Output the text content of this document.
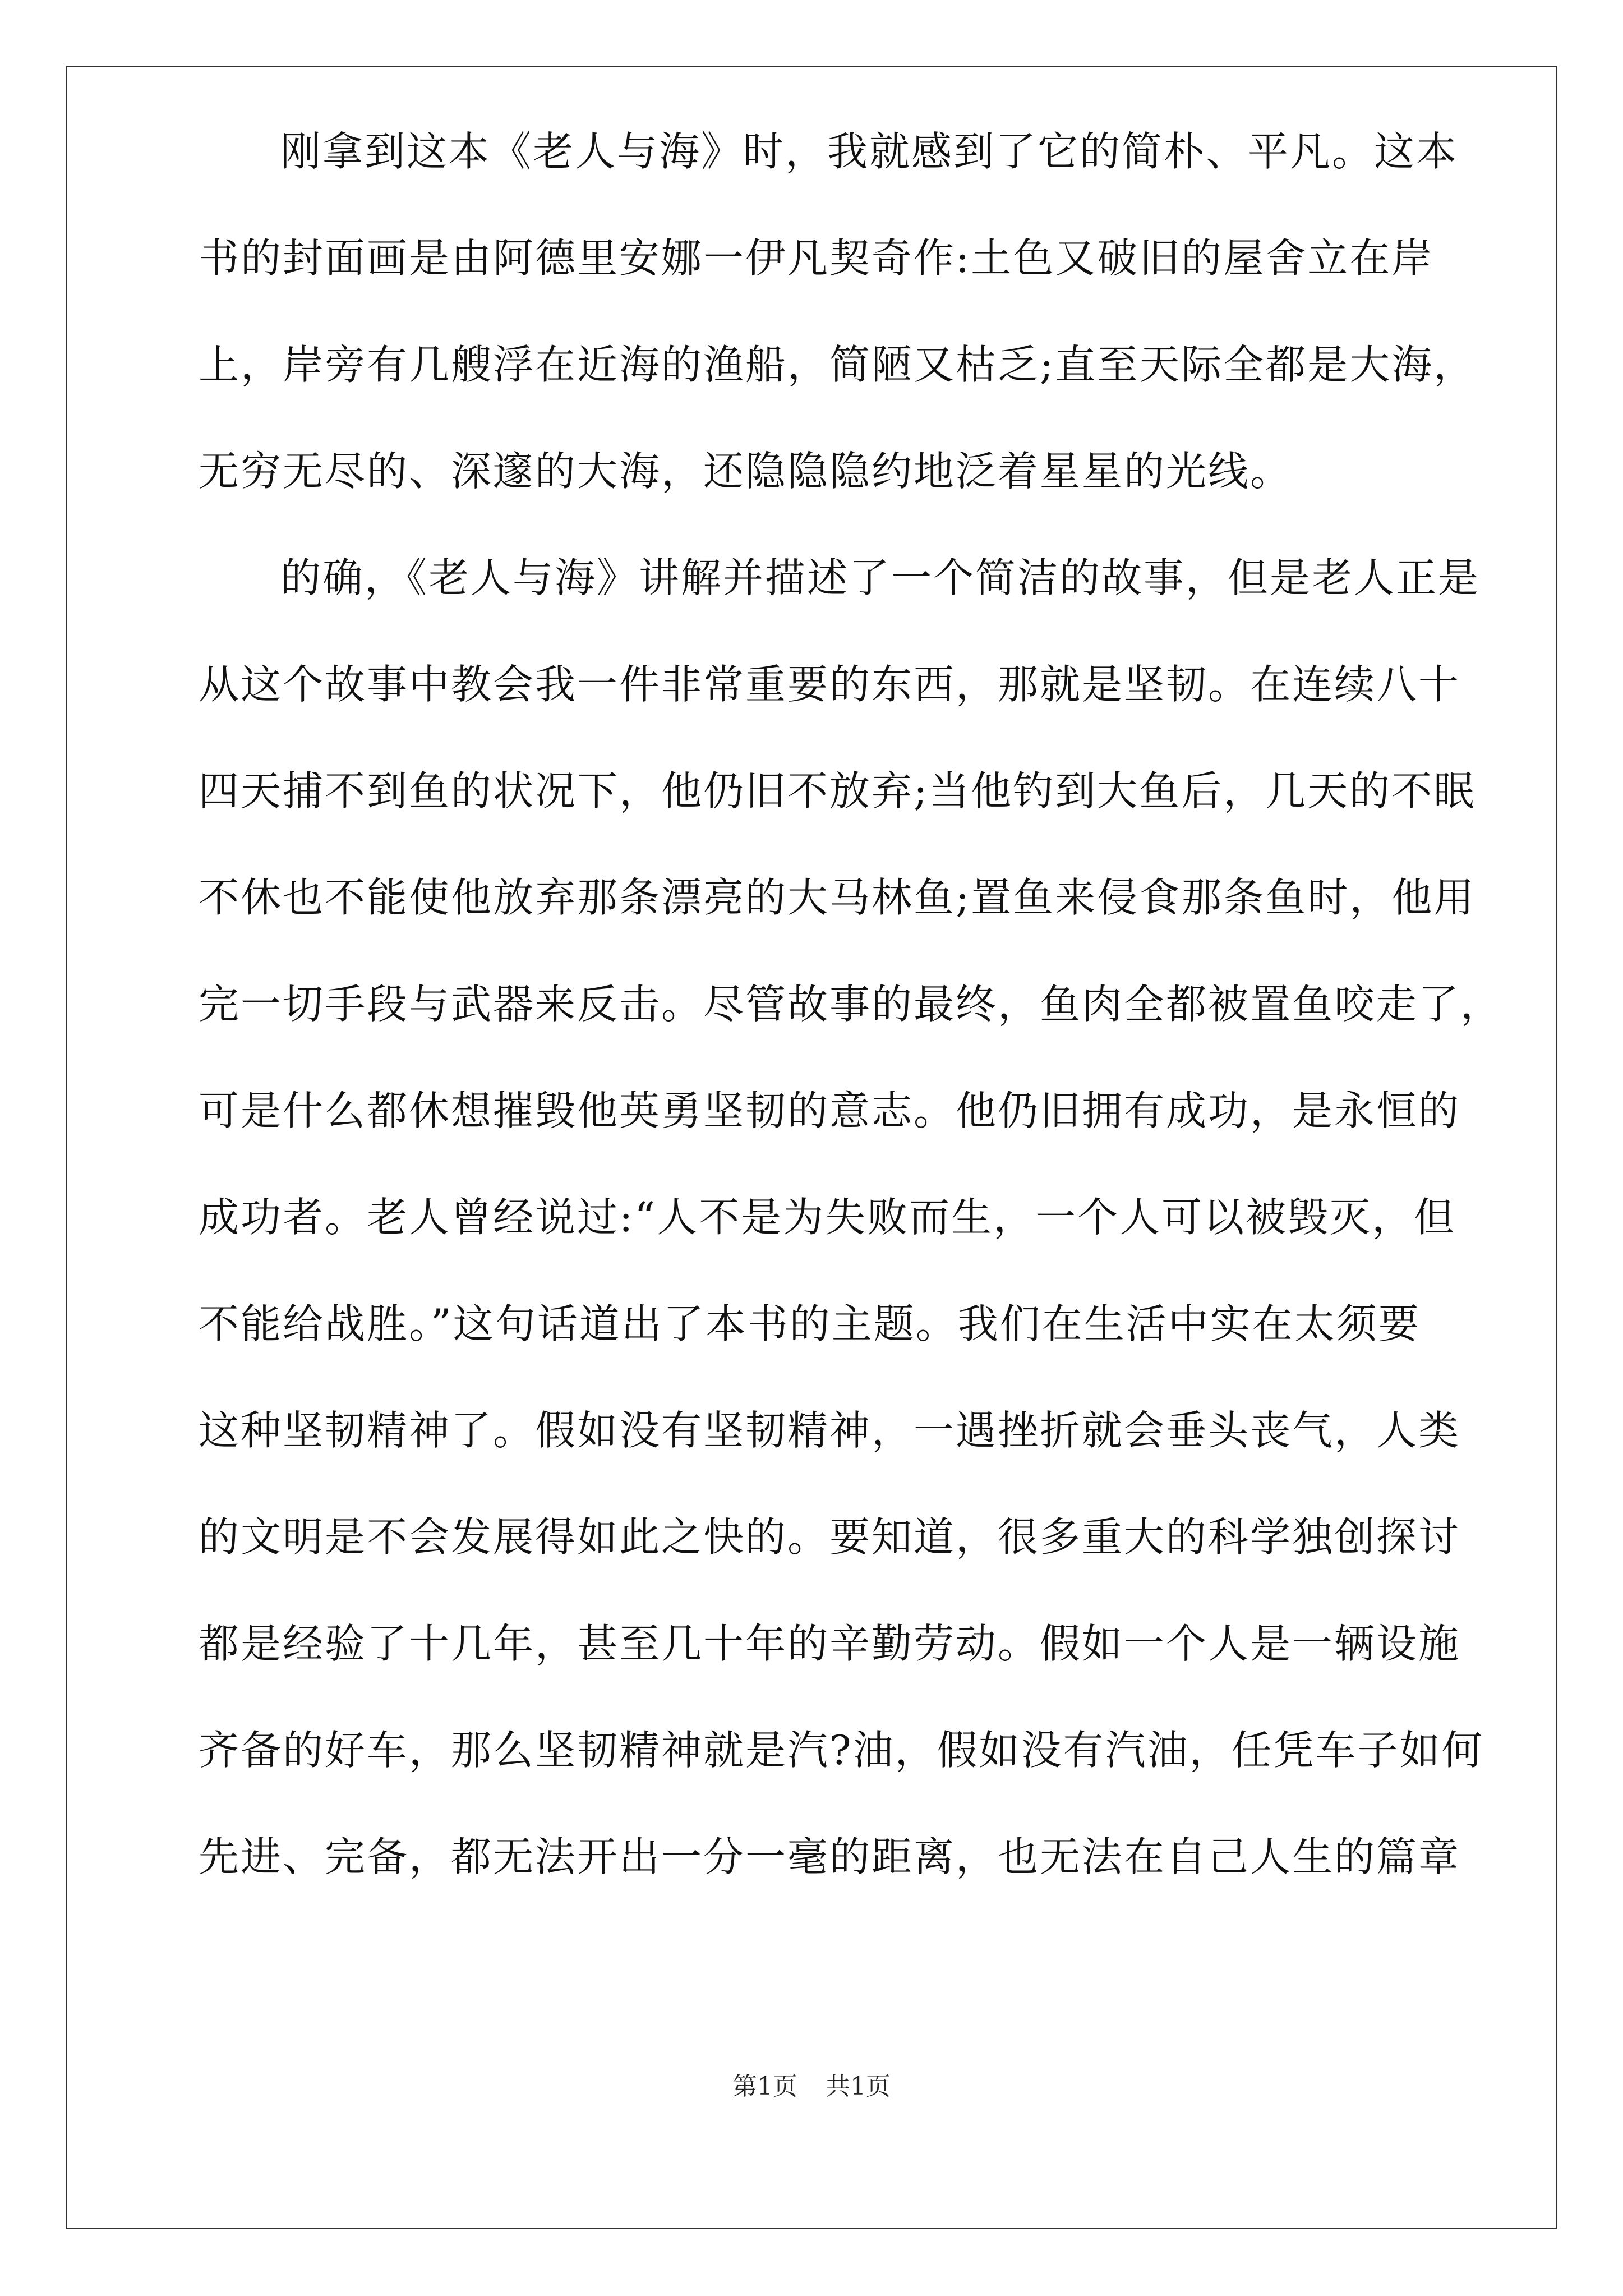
刚拿到这本《老人与海》时，我就感到了它的简朴、平凡。这本
书的封面画是由阿德里安娜一伊凡契奇作:土色又破旧的屋舍立在岸
上，岸旁有几艘浮在近海的渔船，简陋又枯乏;直至天际全都是大海，
无穷无尽的、深邃的大海，还隐隐隐约地泛着星星的光线。
的确，《老人与海》讲解并描述了一个简洁的故事，但是老人正是
从这个故事中教会我一件非常重要的东西，那就是坚韧。在连续八十
四天捕不到鱼的状况下，他仍旧不放弃;当他钓到大鱼后，几天的不眠
不休也不能使他放弃那条漂亮的大马林鱼;置鱼来侵食那条鱼时，他用
完一切手段与武器来反击。尽管故事的最终，鱼肉全都被置鱼咬走了，
可是什么都休想摧毁他英勇坚韧的意志。他仍旧拥有成功，是永恒的
成功者。老人曾经说过:“人不是为失败而生，一个人可以被毁灭，但
不能给战胜。”这句话道出了本书的主题。我们在生活中实在太须要
这种坚韧精神了。假如没有坚韧精神，一遇挫折就会垂头丧气，人类
的文明是不会发展得如此之快的。要知道，很多重大的科学独创探讨
都是经验了十几年，甚至几十年的辛勤劳动。假如一个人是一辆设施
齐备的好车，那么坚韧精神就是汽?油，假如没有汽油，任凭车子如何
先进、完备，都无法开出一分一毫的距离，也无法在自己人生的篇章
第1页 共1页
